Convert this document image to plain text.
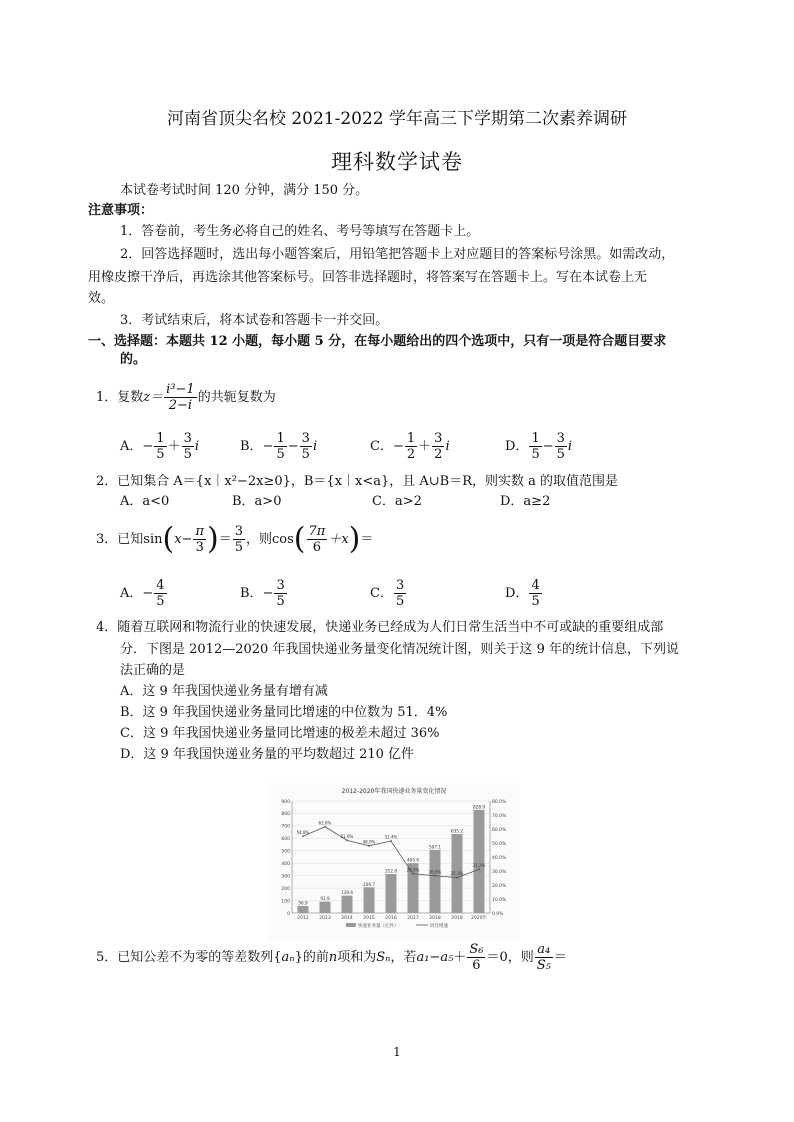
河南省顶尖名校 2021-2022 学年高三下学期第二次素养调研
理科数学试卷
本试卷考试时间 120 分钟，满分 150 分。
注意事项：
1．答卷前，考生务必将自己的姓名、考号等填写在答题卡上。
2．回答选择题时，选出每小题答案后，用铅笔把答题卡上对应题目的答案标号涂黑。如需改动，
用橡皮擦干净后，再选涂其他答案标号。回答非选择题时，将答案写在答题卡上。写在本试卷上无
效。
3．考试结束后，将本试卷和答题卡一并交回。
一、选择题：本题共 12 小题，每小题 5 分，在每小题给出的四个选项中，只有一项是符合题目要求
的。
1．复数$z= \frac{\text{i³−1}}{2-i}$ 的共轭复数为
A．− $\frac{1}{5} + \frac{3}{5}$ i	B．− $\frac{1}{5} - \frac{3}{5}$ i	C．− $\frac{1}{2} + \frac{3}{2}$ i	D． $\frac{1}{5} - \frac{3}{5}$ i
2．已知集合 A＝{x｜x²−2x≥0}，B＝{x｜x<a}，且 A∪B＝R，则实数 a 的取值范围是
A．a<0	B．a>0	C．a>2	D．a≥2
3．已知$\sin(x- \frac{\pi}{3}$ )＝ $\frac{3}{5}$ ，则$\cos( \frac{7\pi}{6} +x)=$
A．− $\frac{4}{5}$	B．− $\frac{3}{5}$	C． $\frac{3}{5}$	D． $\frac{4}{5}$
4．随着互联网和物流行业的快速发展，快递业务已经成为人们日常生活当中不可或缺的重要组成部
分．下图是 2012—2020 年我国快递业务量变化情况统计图，则关于这 9 年的统计信息，下列说
法正确的是
A．这 9 年我国快递业务量有增有减
B．这 9 年我国快递业务量同比增速的中位数为 51．4%
C．这 9 年我国快递业务量同比增速的极差未超过 36%
D．这 9 年我国快递业务量的平均数超过 210 亿件
2012-2020年我国快递业务量变化情况
0
100
200
300
400
500
600
700
800
900
0.0%
10.0%
20.0%
30.0%
40.0%
50.0%
60.0%
70.0%
80.0%
56.9
2012
91.9
2013
139.6
2014
206.7
2015
312.8
2016
400.6
2017
507.1
2018
635.2
2019
828.9
2020年
54.8%
61.6%
51.9%
48.0%
51.4%
28.0% 26.6% 25.3%
31.2%
快递业务量（亿件）	同比增速
5．已知公差不为零的等差数列{aₙ}的前n项和为Sₙ，若$a_1-a_5+ \frac{\text{S₆}}{6} =0$，则 $\frac{\text{a₄}}{\text{S₅}}$ ＝
1
